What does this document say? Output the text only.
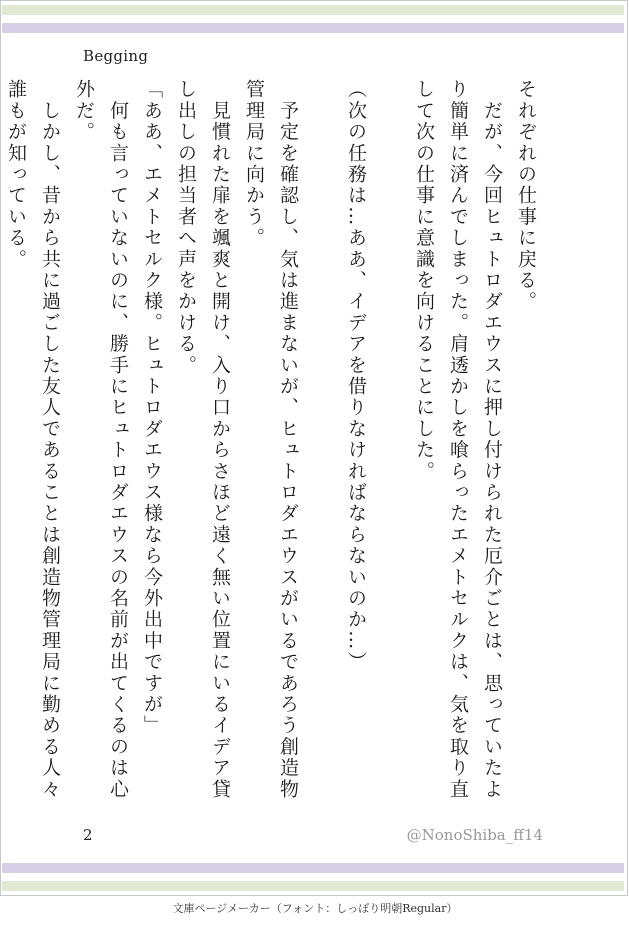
Begging
それぞれの仕事に戻る。
　だが、今回ヒュトロダエウスに押し付けられた厄介ごとは、思っていたより簡単に済んでしまった。肩透かしを喰らったエメトセルクは、気を取り直して次の仕事に意識を向けることにした。
（次の任務は…ああ、イデアを借りなければならないのか…）
　予定を確認し、気は進まないが、ヒュトロダエウスがいるであろう創造物管理局に向かう。
　見慣れた扉を颯爽と開け、入り口からさほど遠く無い位置にいるイデア貸し出しの担当者へ声をかける。
「ああ、エメトセルク様。ヒュトロダエウス様なら今外出中ですが」
　何も言っていないのに、勝手にヒュトロダエウスの名前が出てくるのは心外だ。
　しかし、昔から共に過ごした友人であることは創造物管理局に勤める人々誰もが知っている。
2	@NonoShiba_ff14
文庫ページメーカー（フォント：しっぽり明朝Regular）
